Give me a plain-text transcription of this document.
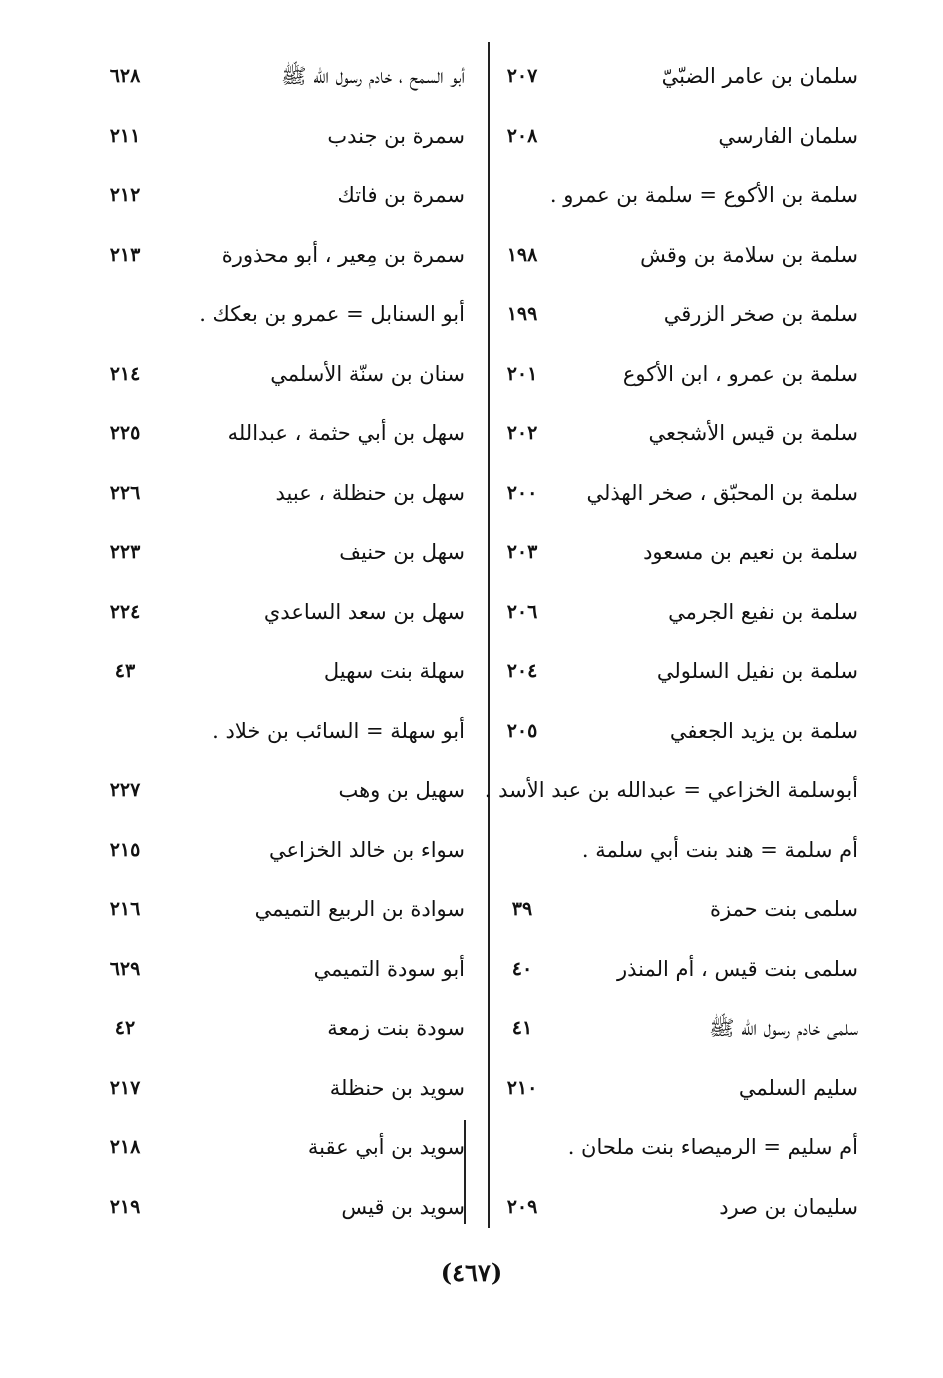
سلمان بن عامر الضبّيّ
٢٠٧
أبو السمح ، خادم رسول الله ﷺ
٦٢٨
سلمان الفارسي
٢٠٨
سمرة بن جندب
٢١١
سلمة بن الأكوع = سلمة بن عمرو .
سمرة بن فاتك
٢١٢
سلمة بن سلامة بن وقش
١٩٨
سمرة بن مِعير ، أبو محذورة
٢١٣
سلمة بن صخر الزرقي
١٩٩
أبو السنابل = عمرو بن بعكك .
سلمة بن عمرو ، ابن الأكوع
٢٠١
سنان بن سنّة الأسلمي
٢١٤
سلمة بن قيس الأشجعي
٢٠٢
سهل بن أبي حثمة ، عبدالله
٢٢٥
سلمة بن المحبّق ، صخر الهذلي
٢٠٠
سهل بن حنظلة ، عبيد
٢٢٦
سلمة بن نعيم بن مسعود
٢٠٣
سهل بن حنيف
٢٢٣
سلمة بن نفيع الجرمي
٢٠٦
سهل بن سعد الساعدي
٢٢٤
سلمة بن نفيل السلولي
٢٠٤
سهلة بنت سهيل
٤٣
سلمة بن يزيد الجعفي
٢٠٥
أبو سهلة = السائب بن خلاد .
أبوسلمة الخزاعي = عبدالله بن عبد الأسد .
سهيل بن وهب
٢٢٧
أم سلمة = هند بنت أبي سلمة .
سواء بن خالد الخزاعي
٢١٥
سلمى بنت حمزة
٣٩
سوادة بن الربيع التميمي
٢١٦
سلمى بنت قيس ، أم المنذر
٤٠
أبو سودة التميمي
٦٢٩
سلمى خادم رسول الله ﷺ
٤١
سودة بنت زمعة
٤٢
سليم السلمي
٢١٠
سويد بن حنظلة
٢١٧
أم سليم = الرميصاء بنت ملحان .
سويد بن أبي عقبة
٢١٨
سليمان بن صرد
٢٠٩
سويد بن قيس
٢١٩
(٤٦٧)
